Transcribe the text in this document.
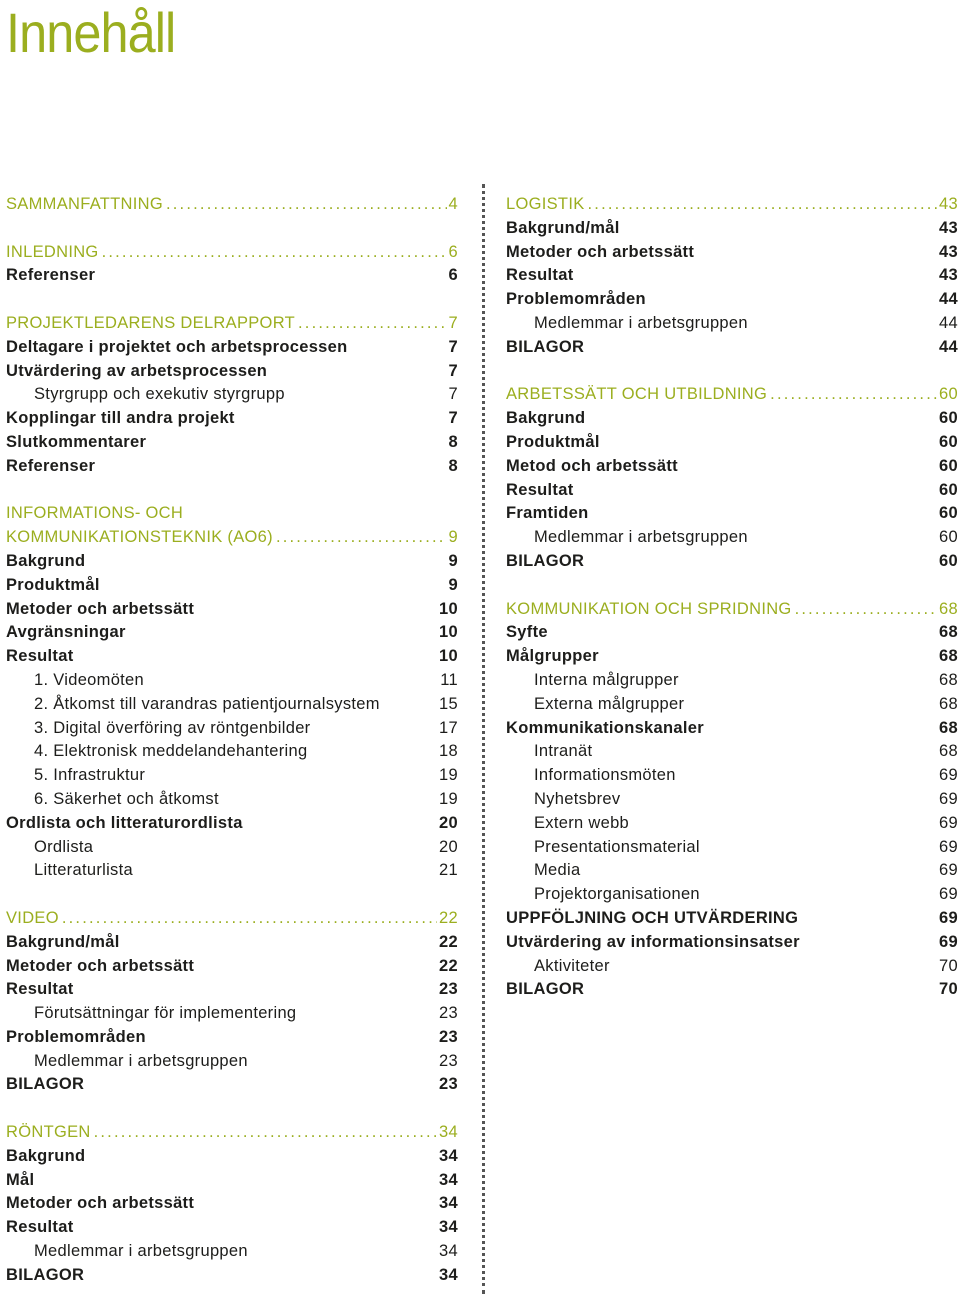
Innehåll
SAMMANFATTNING .....	4
INLEDNING .....	6
Referenser	6
PROJEKTLEDARENS DELRAPPORT .....	7
Deltagare i projektet och arbetsprocessen	7
Utvärdering av arbetsprocessen	7
Styrgrupp och exekutiv styrgrupp	7
Kopplingar till andra projekt	7
Slutkommentarer	8
Referenser	8
INFORMATIONS- OCH
KOMMUNIKATIONSTEKNIK (AO6) .....	9
Bakgrund	9
Produktmål	9
Metoder och arbetssätt	10
Avgränsningar	10
Resultat	10
1. Videomöten	11
2. Åtkomst till varandras patientjournalsystem	15
3. Digital överföring av röntgenbilder	17
4. Elektronisk meddelandehantering	18
5. Infrastruktur	19
6. Säkerhet och åtkomst	19
Ordlista och litteraturordlista	20
Ordlista	20
Litteraturlista	21
VIDEO .....	22
Bakgrund/mål	22
Metoder och arbetssätt	22
Resultat	23
Förutsättningar för implementering	23
Problemområden	23
Medlemmar i arbetsgruppen	23
BILAGOR	23
RÖNTGEN .....	34
Bakgrund	34
Mål	34
Metoder och arbetssätt	34
Resultat	34
Medlemmar i arbetsgruppen	34
BILAGOR	34
LOGISTIK .....	43
Bakgrund/mål	43
Metoder och arbetssätt	43
Resultat	43
Problemområden	44
Medlemmar i arbetsgruppen	44
BILAGOR	44
ARBETSSÄTT OCH UTBILDNING .....	60
Bakgrund	60
Produktmål	60
Metod och arbetssätt	60
Resultat	60
Framtiden	60
Medlemmar i arbetsgruppen	60
BILAGOR	60
KOMMUNIKATION OCH SPRIDNING .....	68
Syfte	68
Målgrupper	68
Interna målgrupper	68
Externa målgrupper	68
Kommunikationskanaler	68
Intranät	68
Informationsmöten	69
Nyhetsbrev	69
Extern webb	69
Presentationsmaterial	69
Media	69
Projektorganisationen	69
UPPFÖLJNING OCH UTVÄRDERING	69
Utvärdering av informationsinsatser	69
Aktiviteter	70
BILAGOR	70
